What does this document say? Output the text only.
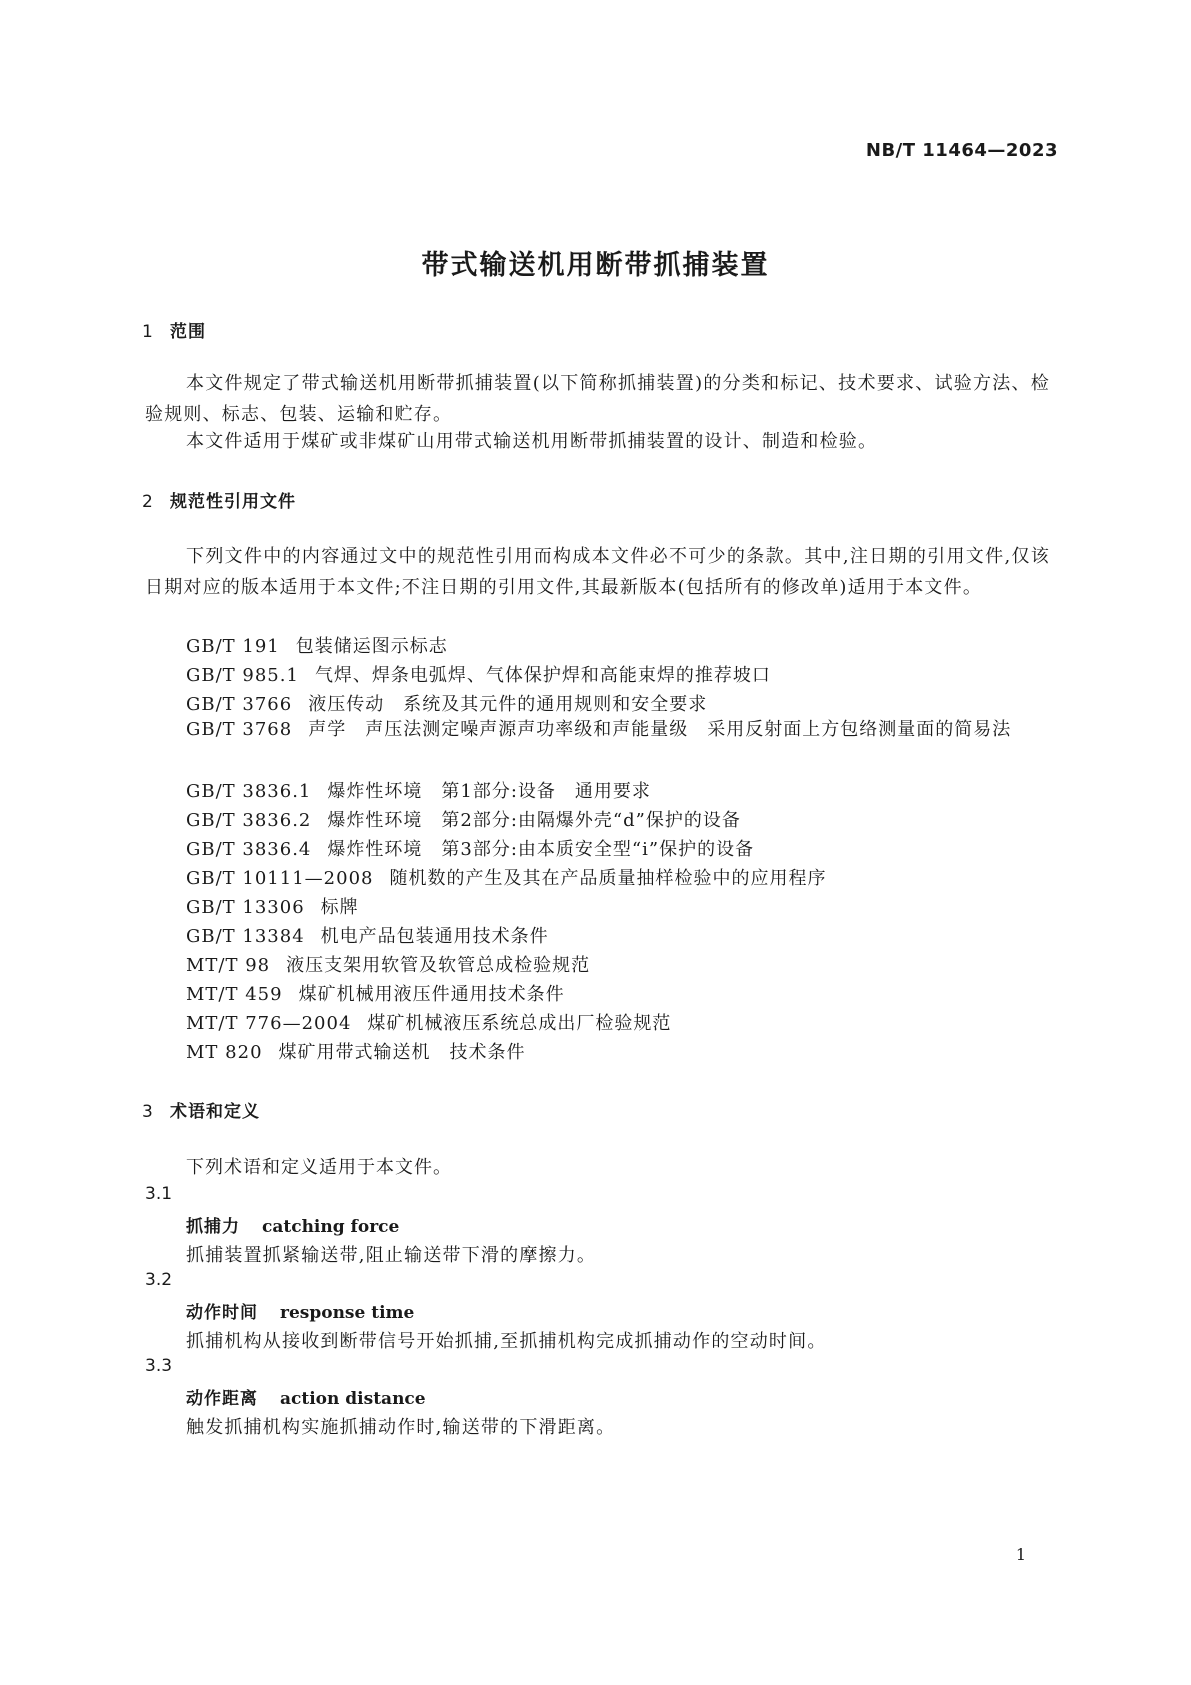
NB/T 11464—2023
带式输送机用断带抓捕装置
1 范围
本文件规定了带式输送机用断带抓捕装置(以下简称抓捕装置)的分类和标记、技术要求、试验方法、检验规则、标志、包装、运输和贮存。
本文件适用于煤矿或非煤矿山用带式输送机用断带抓捕装置的设计、制造和检验。
2 规范性引用文件
下列文件中的内容通过文中的规范性引用而构成本文件必不可少的条款。其中,注日期的引用文件,仅该日期对应的版本适用于本文件;不注日期的引用文件,其最新版本(包括所有的修改单)适用于本文件。
GB/T 191 包装储运图示标志
GB/T 985.1 气焊、焊条电弧焊、气体保护焊和高能束焊的推荐坡口
GB/T 3766 液压传动　系统及其元件的通用规则和安全要求
GB/T 3768 声学　声压法测定噪声源声功率级和声能量级　采用反射面上方包络测量面的简易法
GB/T 3836.1 爆炸性坏境　第1部分:设备　通用要求
GB/T 3836.2 爆炸性环境　第2部分:由隔爆外壳“d”保护的设备
GB/T 3836.4 爆炸性环境　第3部分:由本质安全型“i”保护的设备
GB/T 10111—2008 随机数的产生及其在产品质量抽样检验中的应用程序
GB/T 13306 标牌
GB/T 13384 机电产品包装通用技术条件
MT/T 98 液压支架用软管及软管总成检验规范
MT/T 459 煤矿机械用液压件通用技术条件
MT/T 776—2004 煤矿机械液压系统总成出厂检验规范
MT 820 煤矿用带式输送机　技术条件
3 术语和定义
下列术语和定义适用于本文件。
3.1
抓捕力 catching force
抓捕装置抓紧输送带,阻止输送带下滑的摩擦力。
3.2
动作时间 response time
抓捕机构从接收到断带信号开始抓捕,至抓捕机构完成抓捕动作的空动时间。
3.3
动作距离 action distance
触发抓捕机构实施抓捕动作时,输送带的下滑距离。
1
